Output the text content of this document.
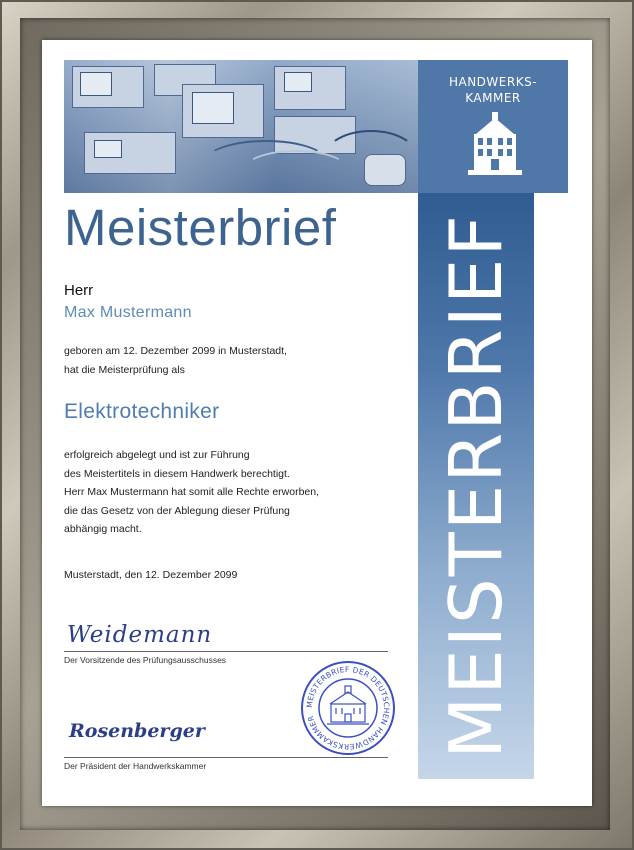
HANDWERKS-
KAMMER
MEISTERBRIEF
Meisterbrief
Herr
Max Mustermann
geboren am 12. Dezember 2099 in Musterstadt,
hat die Meisterprüfung als
Elektrotechniker
erfolgreich abgelegt und ist zur Führung
des Meistertitels in diesem Handwerk berechtigt.
Herr Max Mustermann hat somit alle Rechte erworben,
die das Gesetz von der Ablegung dieser Prüfung
abhängig macht.
Musterstadt, den 12. Dezember 2099
Weidemann
Der Vorsitzende des Prüfungsausschusses
Rosenberger
Der Präsident der Handwerkskammer
MEISTERBRIEF DER DEUTSCHEN HANDWERKSKAMMER
